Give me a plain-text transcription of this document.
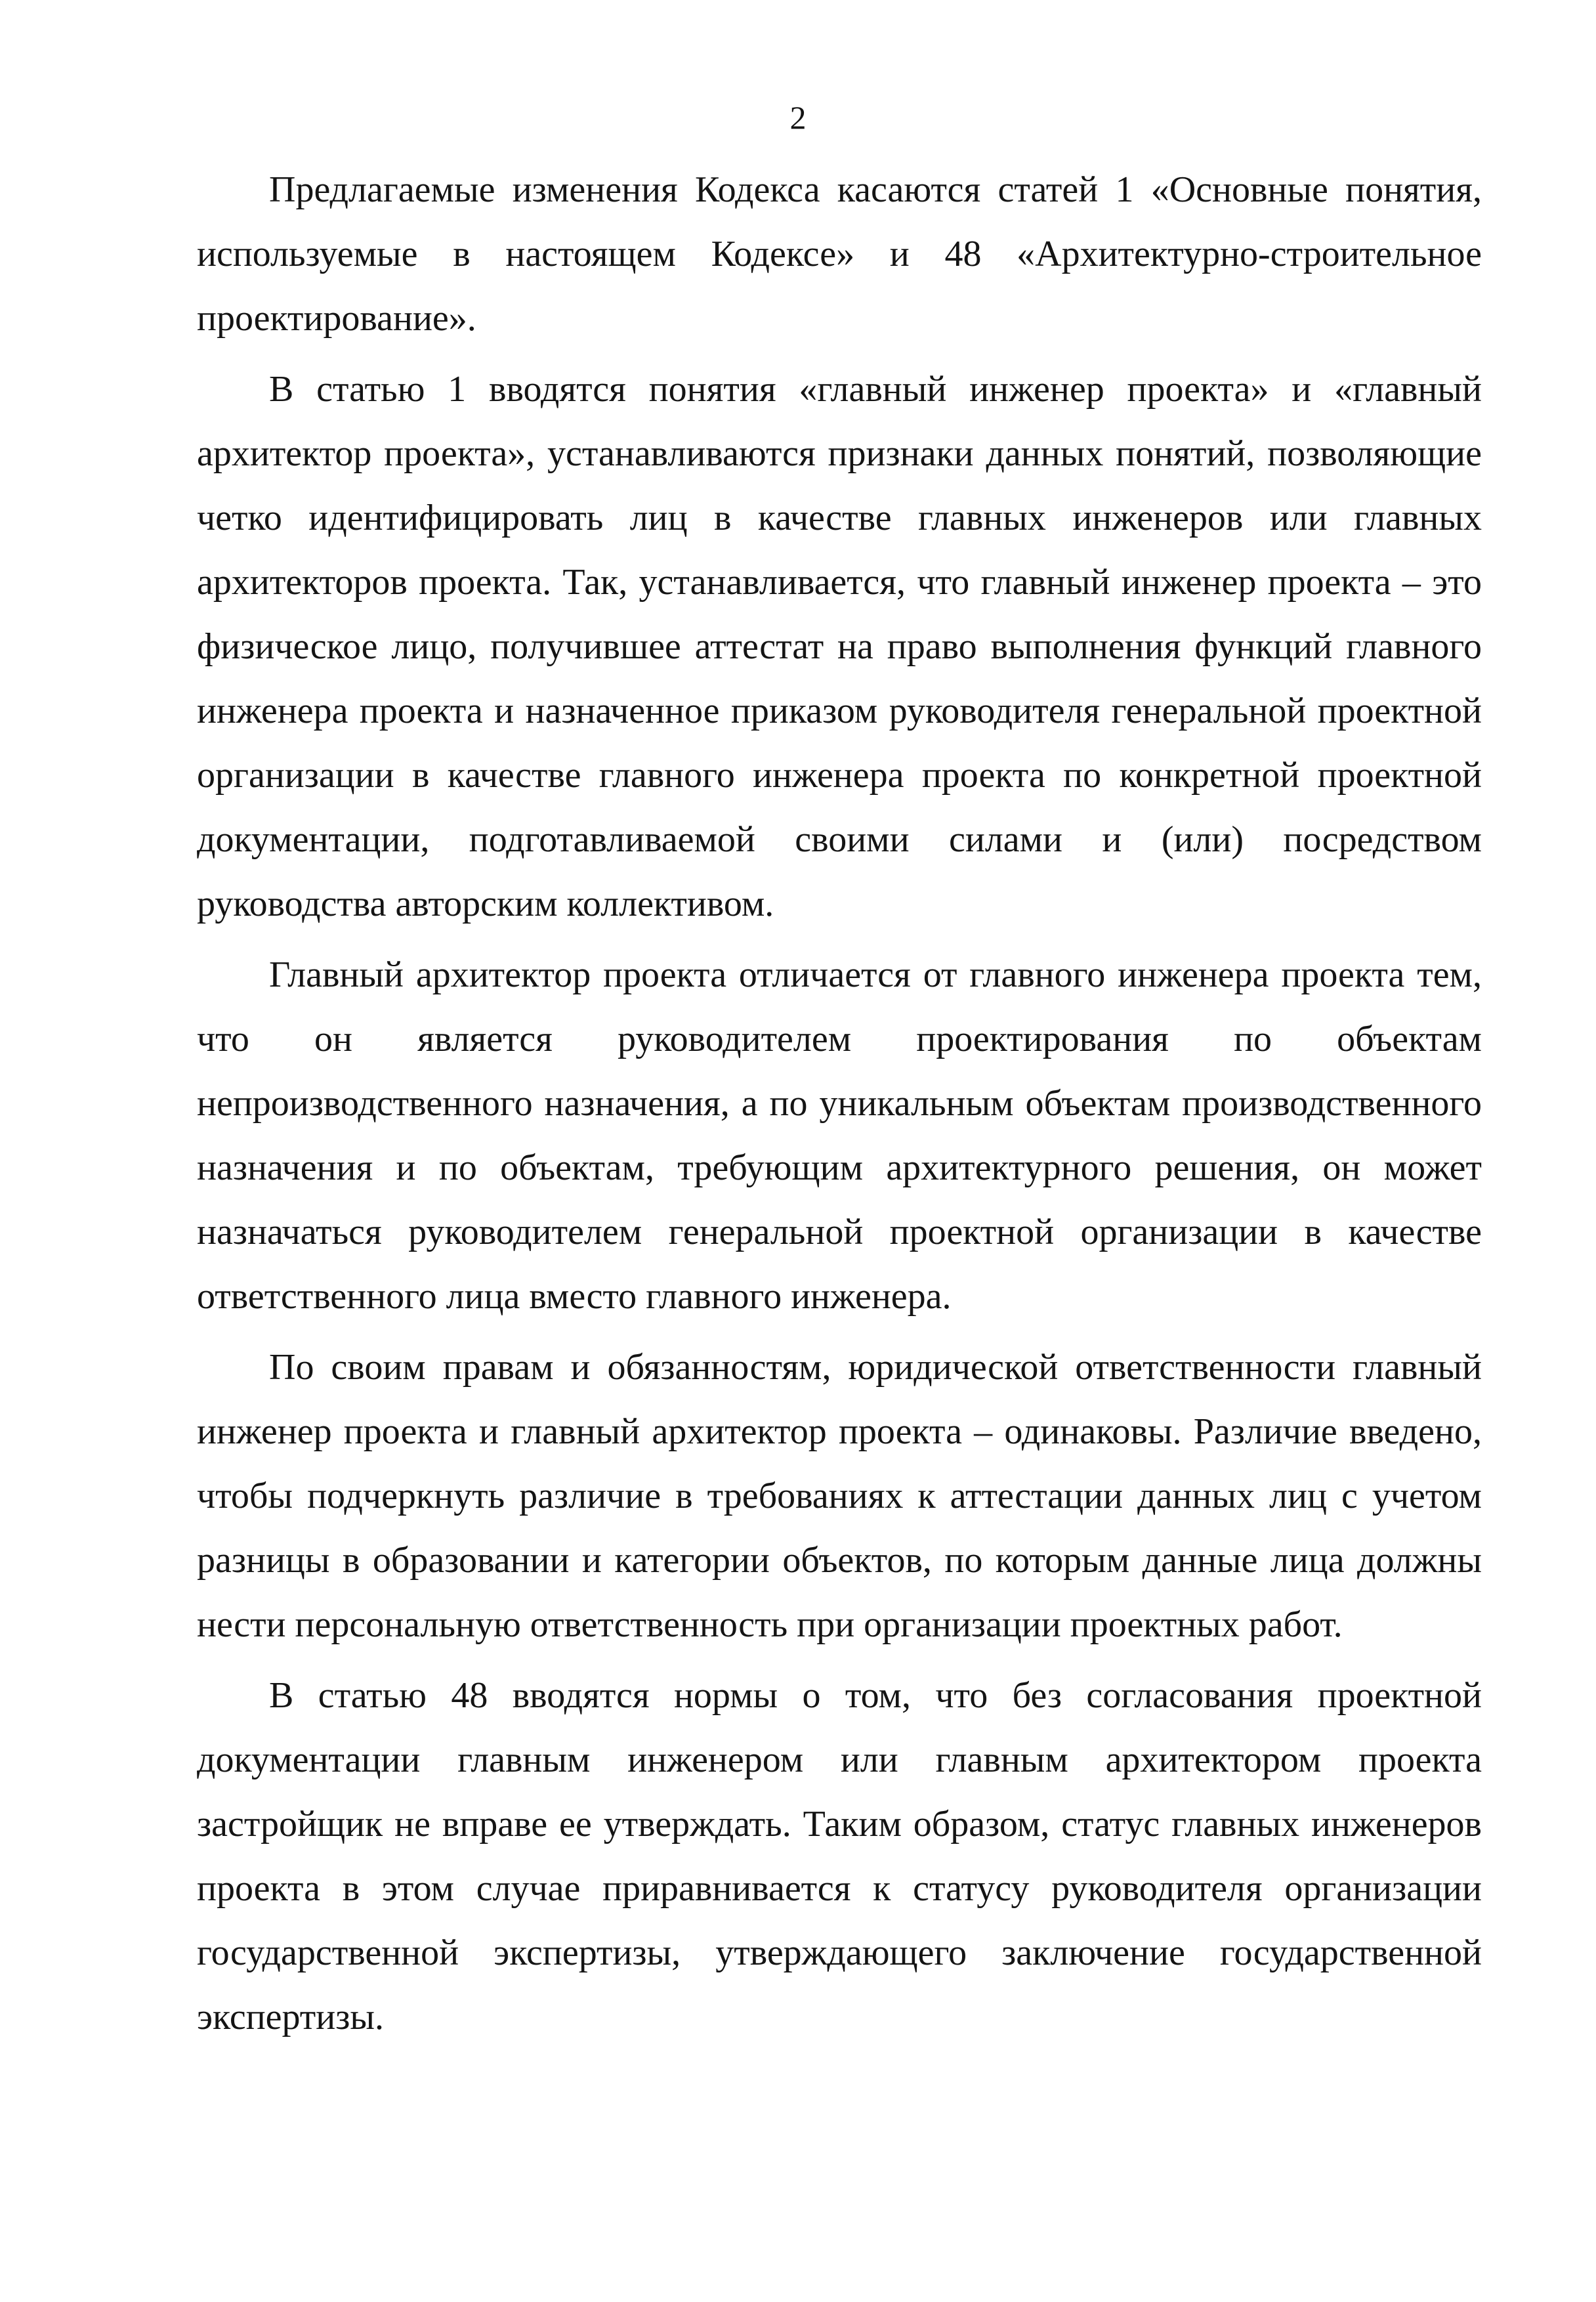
2

Предлагаемые изменения Кодекса касаются статей 1 «Основные понятия, используемые в настоящем Кодексе» и 48 «Архитектурно-строительное проектирование».

В статью 1 вводятся понятия «главный инженер проекта» и «главный архитектор проекта», устанавливаются признаки данных понятий, позволяющие четко идентифицировать лиц в качестве главных инженеров или главных архитекторов проекта. Так, устанавливается, что главный инженер проекта – это физическое лицо, получившее аттестат на право выполнения функций главного инженера проекта и назначенное приказом руководителя генеральной проектной организации в качестве главного инженера проекта по конкретной проектной документации, подготавливаемой своими силами и (или) посредством руководства авторским коллективом.

Главный архитектор проекта отличается от главного инженера проекта тем, что он является руководителем проектирования по объектам непроизводственного назначения, а по уникальным объектам производственного назначения и по объектам, требующим архитектурного решения, он может назначаться руководителем генеральной проектной организации в качестве ответственного лица вместо главного инженера.

По своим правам и обязанностям, юридической ответственности главный инженер проекта и главный архитектор проекта – одинаковы. Различие введено, чтобы подчеркнуть различие в требованиях к аттестации данных лиц с учетом разницы в образовании и категории объектов, по которым данные лица должны нести персональную ответственность при организации проектных работ.

В статью 48 вводятся нормы о том, что без согласования проектной документации главным инженером или главным архитектором проекта застройщик не вправе ее утверждать. Таким образом, статус главных инженеров проекта в этом случае приравнивается к статусу руководителя организации государственной экспертизы, утверждающего заключение государственной экспертизы.
